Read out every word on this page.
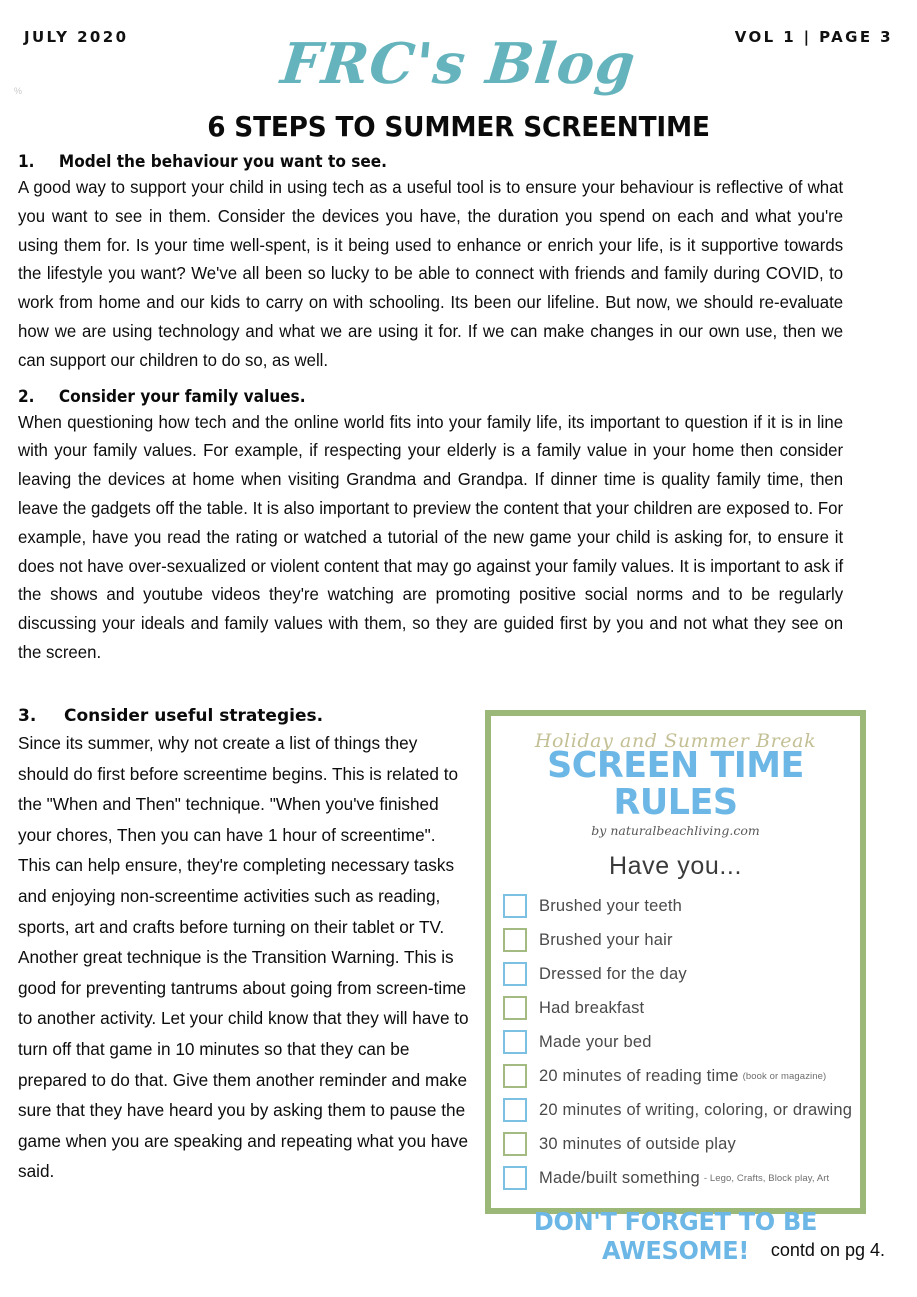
JULY 2020	VOL 1 | PAGE 3
FRC's Blog
%
6 STEPS TO SUMMER SCREENTIME
1. Model the behaviour you want to see.

A good way to support your child in using tech as a useful tool is to ensure your behaviour is reflective of what you want to see in them. Consider the devices you have, the duration you spend on each and what you're using them for. Is your time well-spent, is it being used to enhance or enrich your life, is it supportive towards the lifestyle you want? We've all been so lucky to be able to connect with friends and family during COVID, to work from home and our kids to carry on with schooling. Its been our lifeline. But now, we should re-evaluate how we are using technology and what we are using it for. If we can make changes in our own use, then we can support our children to do so, as well.

2. Consider your family values.

When questioning how tech and the online world fits into your family life, its important to question if it is in line with your family values. For example, if respecting your elderly is a family value in your home then consider leaving the devices at home when visiting Grandma and Grandpa. If dinner time is quality family time, then leave the gadgets off the table. It is also important to preview the content that your children are exposed to. For example, have you read the rating or watched a tutorial of the new game your child is asking for, to ensure it does not have over-sexualized or violent content that may go against your family values. It is important to ask if the shows and youtube videos they're watching are promoting positive social norms and to be regularly discussing your ideals and family values with them, so they are guided first by you and not what they see on the screen.

3. Consider useful strategies.

Since its summer, why not create a list of things they should do first before screentime begins. This is related to the "When and Then" technique. "When you've finished your chores, Then you can have 1 hour of screentime". This can help ensure, they're completing necessary tasks and enjoying non-screentime activities such as reading, sports, art and crafts before turning on their tablet or TV. Another great technique is the Transition Warning. This is good for preventing tantrums about going from screen-time to another activity. Let your child know that they will have to turn off that game in 10 minutes so that they can be prepared to do that. Give them another reminder and make sure that they have heard you by asking them to pause the game when you are speaking and repeating what you have said.

Holiday and Summer Break
SCREEN TIME RULES
by naturalbeachliving.com
Have you...
Brushed your teeth
Brushed your hair
Dressed for the day
Had breakfast
Made your bed
20 minutes of reading time (book or magazine)
20 minutes of writing, coloring, or drawing
30 minutes of outside play
Made/built something - Lego, Crafts, Block play, Art
DON'T FORGET TO BE AWESOME!	contd on pg 4.
